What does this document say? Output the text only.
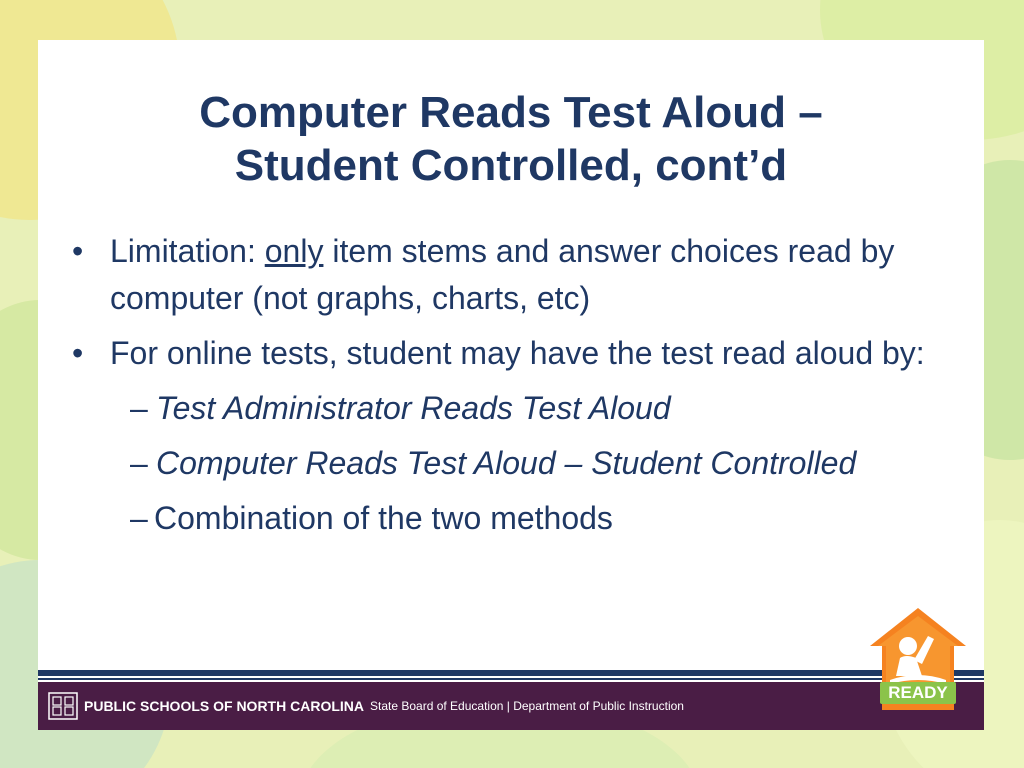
Computer Reads Test Aloud –
Student Controlled, cont’d
• Limitation: only item stems and answer choices read by computer (not graphs, charts, etc)
• For online tests, student may have the test read aloud by:
– Test Administrator Reads Test Aloud
– Computer Reads Test Aloud – Student Controlled
– Combination of the two methods
PUBLIC SCHOOLS OF NORTH CAROLINA State Board of Education | Department of Public Instruction
READY
